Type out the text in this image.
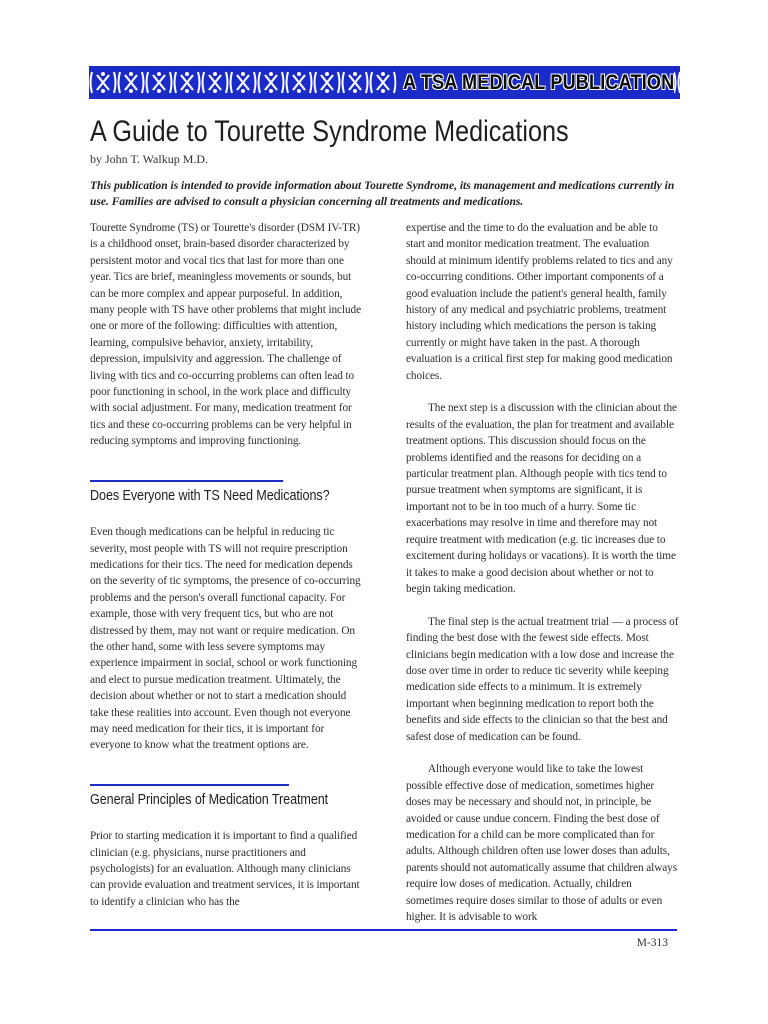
A TSA MEDICAL PUBLICATION
A Guide to Tourette Syndrome Medications
by John T. Walkup M.D.
This publication is intended to provide information about Tourette Syndrome, its management and medications currently in use. Families are advised to consult a physician concerning all treatments and medications.

Tourette Syndrome (TS) or Tourette's disorder (DSM IV-TR) is a childhood onset, brain-based disorder characterized by persistent motor and vocal tics that last for more than one year. Tics are brief, meaningless movements or sounds, but can be more complex and appear purposeful. In addition, many people with TS have other problems that might include one or more of the following: difficulties with attention, learning, compulsive behavior, anxiety, irritability, depression, impulsivity and aggression. The challenge of living with tics and co-occurring problems can often lead to poor functioning in school, in the work place and difficulty with social adjustment. For many, medication treatment for tics and these co-occurring problems can be very helpful in reducing symptoms and improving functioning.

Does Everyone with TS Need Medications?

Even though medications can be helpful in reducing tic severity, most people with TS will not require prescription medications for their tics. The need for medication depends on the severity of tic symptoms, the presence of co-occurring problems and the person's overall functional capacity. For example, those with very frequent tics, but who are not distressed by them, may not want or require medication. On the other hand, some with less severe symptoms may experience impairment in social, school or work functioning and elect to pursue medication treatment. Ultimately, the decision about whether or not to start a medication should take these realities into account. Even though not everyone may need medication for their tics, it is important for everyone to know what the treatment options are.

General Principles of Medication Treatment

Prior to starting medication it is important to find a qualified clinician (e.g. physicians, nurse practitioners and psychologists) for an evaluation. Although many clinicians can provide evaluation and treatment services, it is important to identify a clinician who has the

expertise and the time to do the evaluation and be able to start and monitor medication treatment. The evaluation should at minimum identify problems related to tics and any co-occurring conditions. Other important components of a good evaluation include the patient's general health, family history of any medical and psychiatric problems, treatment history including which medications the person is taking currently or might have taken in the past. A thorough evaluation is a critical first step for making good medication choices.

The next step is a discussion with the clinician about the results of the evaluation, the plan for treatment and available treatment options. This discussion should focus on the problems identified and the reasons for deciding on a particular treatment plan. Although people with tics tend to pursue treatment when symptoms are significant, it is important not to be in too much of a hurry. Some tic exacerbations may resolve in time and therefore may not require treatment with medication (e.g. tic increases due to excitement during holidays or vacations). It is worth the time it takes to make a good decision about whether or not to begin taking medication.

The final step is the actual treatment trial — a process of finding the best dose with the fewest side effects. Most clinicians begin medication with a low dose and increase the dose over time in order to reduce tic severity while keeping medication side effects to a minimum. It is extremely important when beginning medication to report both the benefits and side effects to the clinician so that the best and safest dose of medication can be found.

Although everyone would like to take the lowest possible effective dose of medication, sometimes higher doses may be necessary and should not, in principle, be avoided or cause undue concern. Finding the best dose of medication for a child can be more complicated than for adults. Although children often use lower doses than adults, parents should not automatically assume that children always require low doses of medication. Actually, children sometimes require doses similar to those of adults or even higher. It is advisable to work

M-313
